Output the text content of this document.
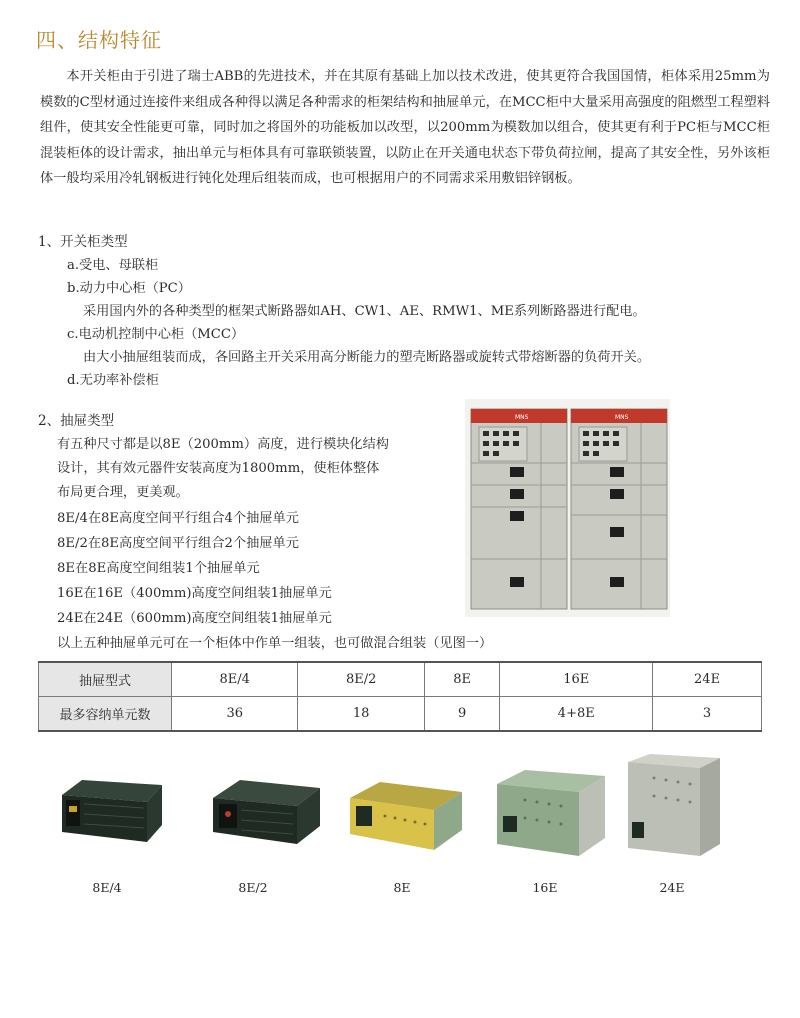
四、结构特征

本开关柜由于引进了瑞士ABB的先进技术，并在其原有基础上加以技术改进，使其更符合我国国情，柜体采用25mm为模数的C型材通过连接件来组成各种得以满足各种需求的柜架结构和抽屉单元，在MCC柜中大量采用高强度的阻燃型工程塑料组件，使其安全性能更可靠，同时加之将国外的功能板加以改型，以200mm为模数加以组合，使其更有利于PC柜与MCC柜混装柜体的设计需求，抽出单元与柜体具有可靠联锁装置，以防止在开关通电状态下带负荷拉闸，提高了其安全性，另外该柜体一般均采用冷轧钢板进行钝化处理后组装而成，也可根据用户的不同需求采用敷铝锌钢板。

1、开关柜类型
a.受电、母联柜
b.动力中心柜（PC）
采用国内外的各种类型的框架式断路器如AH、CW1、AE、RMW1、ME系列断路器进行配电。
c.电动机控制中心柜（MCC）
由大小抽屉组装而成，各回路主开关采用高分断能力的塑壳断路器或旋转式带熔断器的负荷开关。
d.无功率补偿柜
2、抽屉类型
有五种尺寸都是以8E（200mm）高度，进行模块化结构
设计，其有效元器件安装高度为1800mm，使柜体整体
布局更合理，更美观。
8E/4在8E高度空间平行组合4个抽屉单元
8E/2在8E高度空间平行组合2个抽屉单元
8E在8E高度空间组装1个抽屉单元
16E在16E（400mm)高度空间组装1抽屉单元
24E在24E（600mm)高度空间组装1抽屉单元
以上五种抽屉单元可在一个柜体中作单一组装，也可做混合组装（见图一）
MNS	MNS
抽屉型式	8E/4	8E/2	8E	16E	24E
最多容纳单元数	36	18	9	4+8E	3
8E/4	8E/2	8E	16E	24E
